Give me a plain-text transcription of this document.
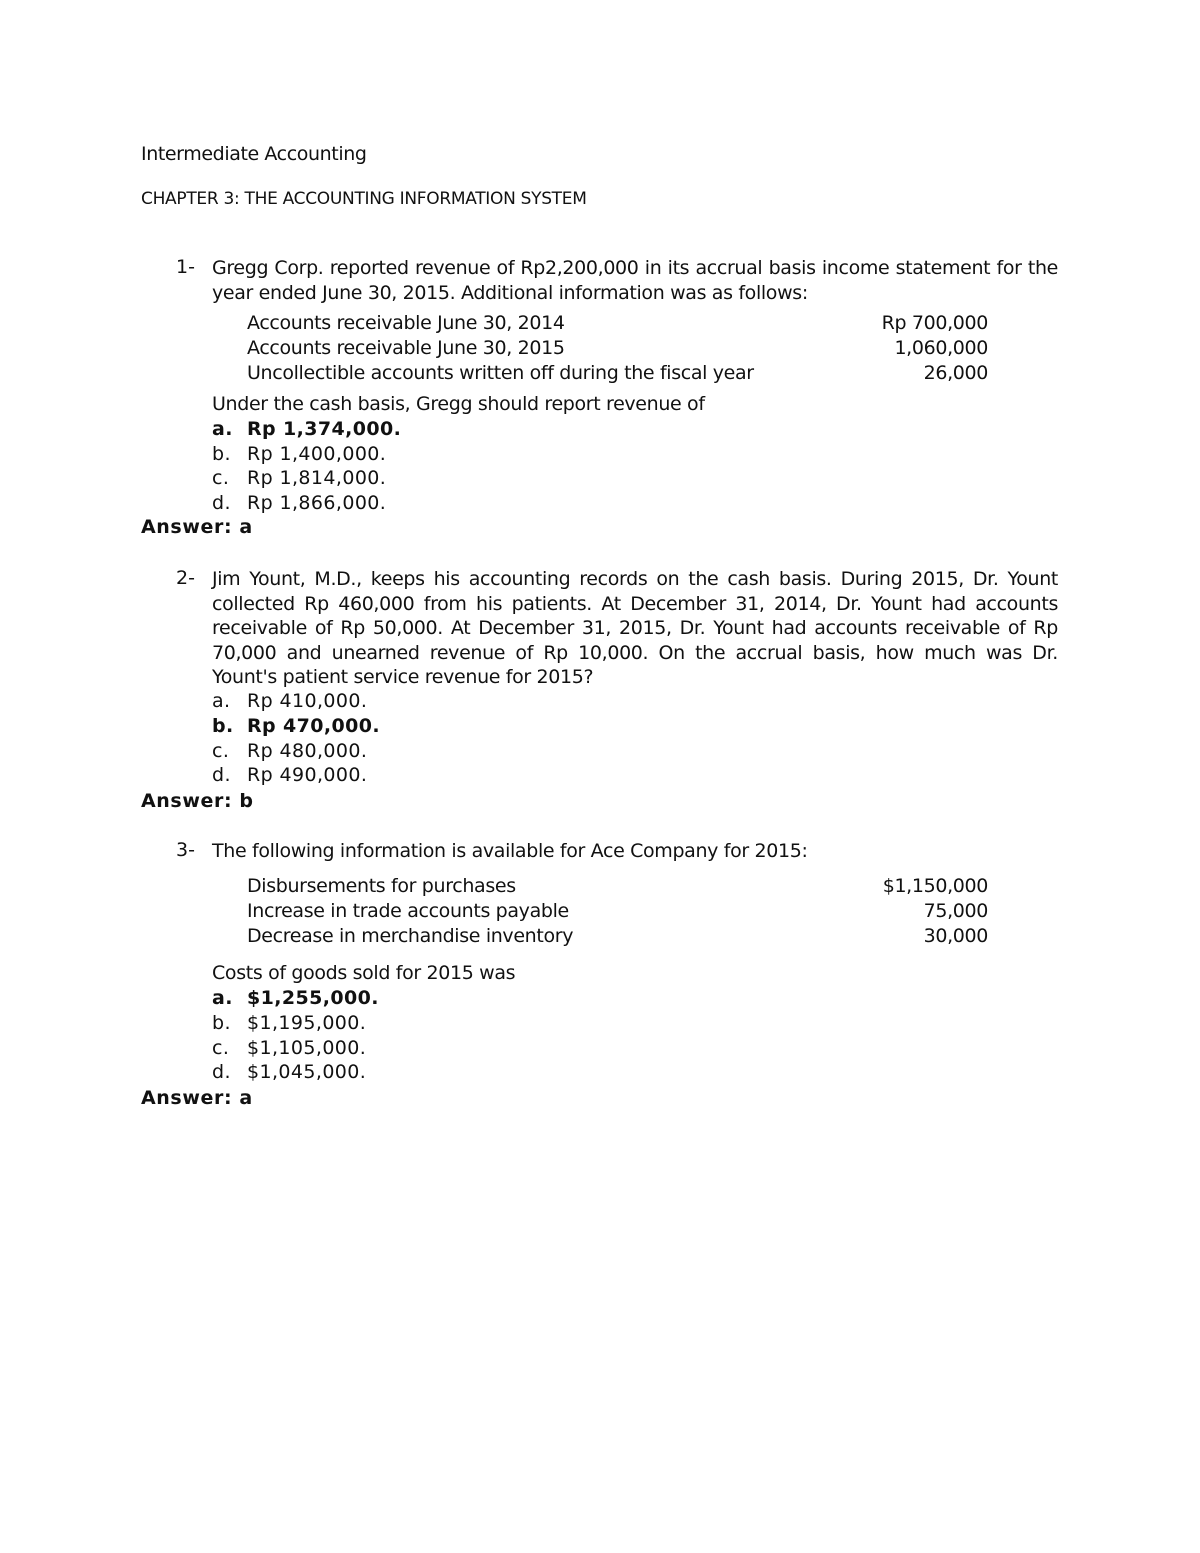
Intermediate Accounting
CHAPTER 3: THE ACCOUNTING INFORMATION SYSTEM
1- Gregg Corp. reported revenue of Rp2,200,000 in its accrual basis income statement for the year ended June 30, 2015. Additional information was as follows:
Accounts receivable June 30, 2014	Rp 700,000
Accounts receivable June 30, 2015	1,060,000
Uncollectible accounts written off during the fiscal year	26,000
Under the cash basis, Gregg should report revenue of
a. Rp 1,374,000.
b. Rp 1,400,000.
c. Rp 1,814,000.
d. Rp 1,866,000.
Answer: a
2- Jim Yount, M.D., keeps his accounting records on the cash basis. During 2015, Dr. Yount collected Rp 460,000 from his patients. At December 31, 2014, Dr. Yount had accounts receivable of Rp 50,000. At December 31, 2015, Dr. Yount had accounts receivable of Rp 70,000 and unearned revenue of Rp 10,000. On the accrual basis, how much was Dr. Yount's patient service revenue for 2015?
a. Rp 410,000.
b. Rp 470,000.
c. Rp 480,000.
d. Rp 490,000.
Answer: b
3- The following information is available for Ace Company for 2015:
Disbursements for purchases	$1,150,000
Increase in trade accounts payable	75,000
Decrease in merchandise inventory	30,000
Costs of goods sold for 2015 was
a. $1,255,000.
b. $1,195,000.
c. $1,105,000.
d. $1,045,000.
Answer: a
